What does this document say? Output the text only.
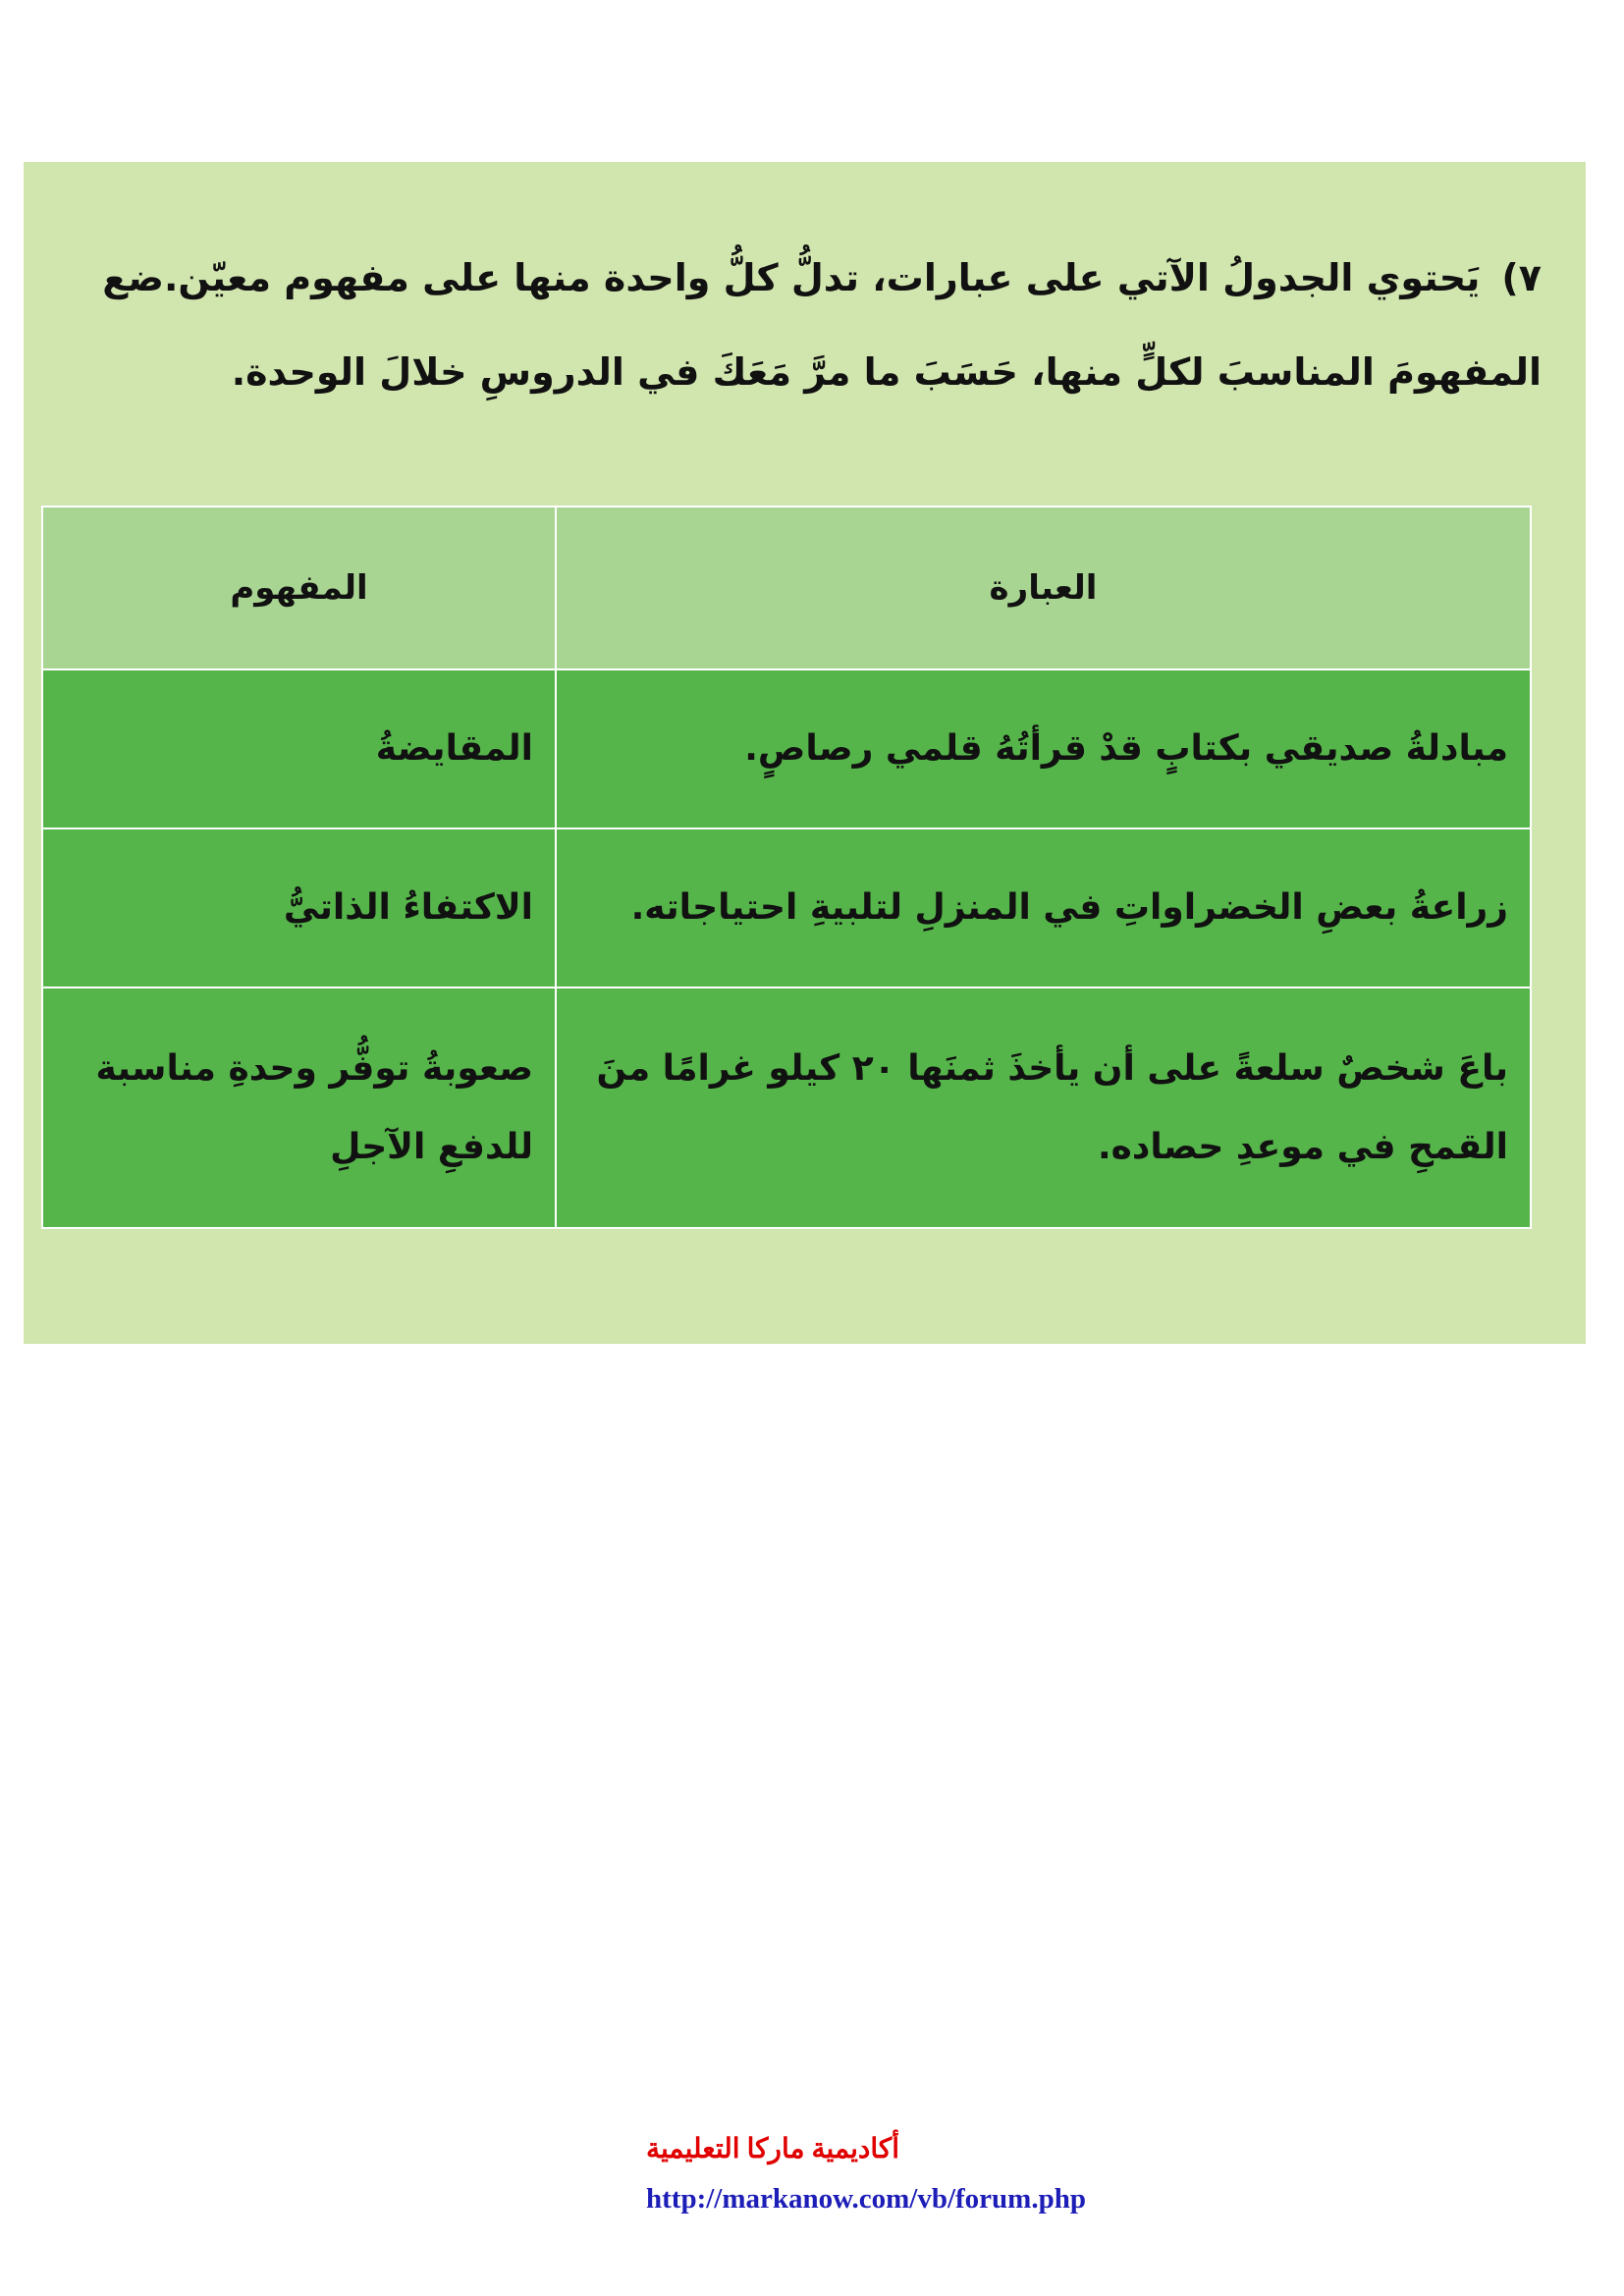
٧)يَحتوي الجدولُ الآتي على عبارات، تدلُّ كلُّ واحدة منها على مفهوم معيّن.ضع المفهومَ المناسبَ لكلٍّ منها، حَسَبَ ما مرَّ مَعَكَ في الدروسِ خلالَ الوحدة.
العبارة	المفهوم
مبادلةُ صديقي بكتابٍ قدْ قرأتُهُ قلمي رصاصٍ.	المقايضةُ
زراعةُ بعضِ الخضراواتِ في المنزلِ لتلبيةِ احتياجاته.	الاكتفاءُ الذاتيُّ
باعَ شخصٌ سلعةً على أن يأخذَ ثمنَها ٢٠ كيلو غرامًا منَ القمحِ في موعدِ حصاده.	صعوبةُ توفُّر وحدةِ مناسبة للدفعِ الآجلِ
أكاديمية ماركا التعليمية
http://markanow.com/vb/forum.php
